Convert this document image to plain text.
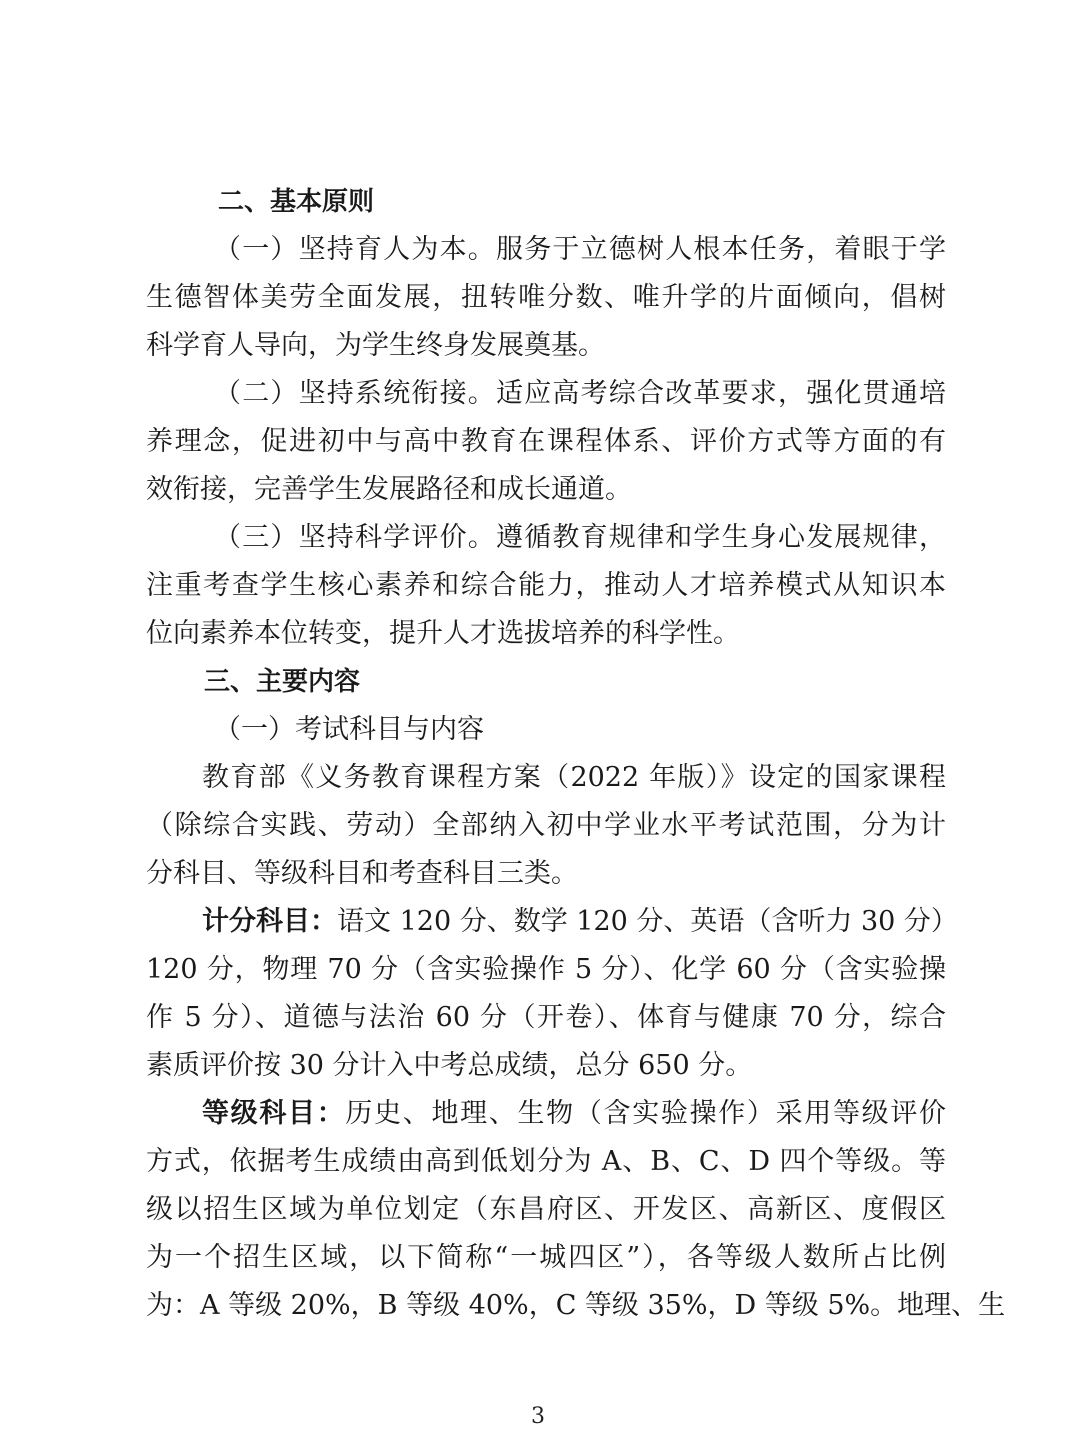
二、基本原则
（一）坚持育人为本。服务于立德树人根本任务，着眼于学
生德智体美劳全面发展，扭转唯分数、唯升学的片面倾向，倡树
科学育人导向，为学生终身发展奠基。
（二）坚持系统衔接。适应高考综合改革要求，强化贯通培
养理念，促进初中与高中教育在课程体系、评价方式等方面的有
效衔接，完善学生发展路径和成长通道。
（三）坚持科学评价。遵循教育规律和学生身心发展规律，
注重考查学生核心素养和综合能力，推动人才培养模式从知识本
位向素养本位转变，提升人才选拔培养的科学性。
三、主要内容
（一）考试科目与内容
教育部《义务教育课程方案（2022 年版）》设定的国家课程
（除综合实践、劳动）全部纳入初中学业水平考试范围，分为计
分科目、等级科目和考查科目三类。
计分科目：语文 120 分、数学 120 分、英语（含听力 30 分）
120 分，物理 70 分（含实验操作 5 分）、化学 60 分（含实验操
作 5 分）、道德与法治 60 分（开卷）、体育与健康 70 分，综合
素质评价按 30 分计入中考总成绩，总分 650 分。
等级科目：历史、地理、生物（含实验操作）采用等级评价
方式，依据考生成绩由高到低划分为 A、B、C、D 四个等级。等
级以招生区域为单位划定（东昌府区、开发区、高新区、度假区
为一个招生区域，以下简称“一城四区”），各等级人数所占比例
为：A 等级 20%，B 等级 40%，C 等级 35%，D 等级 5%。地理、生
3
